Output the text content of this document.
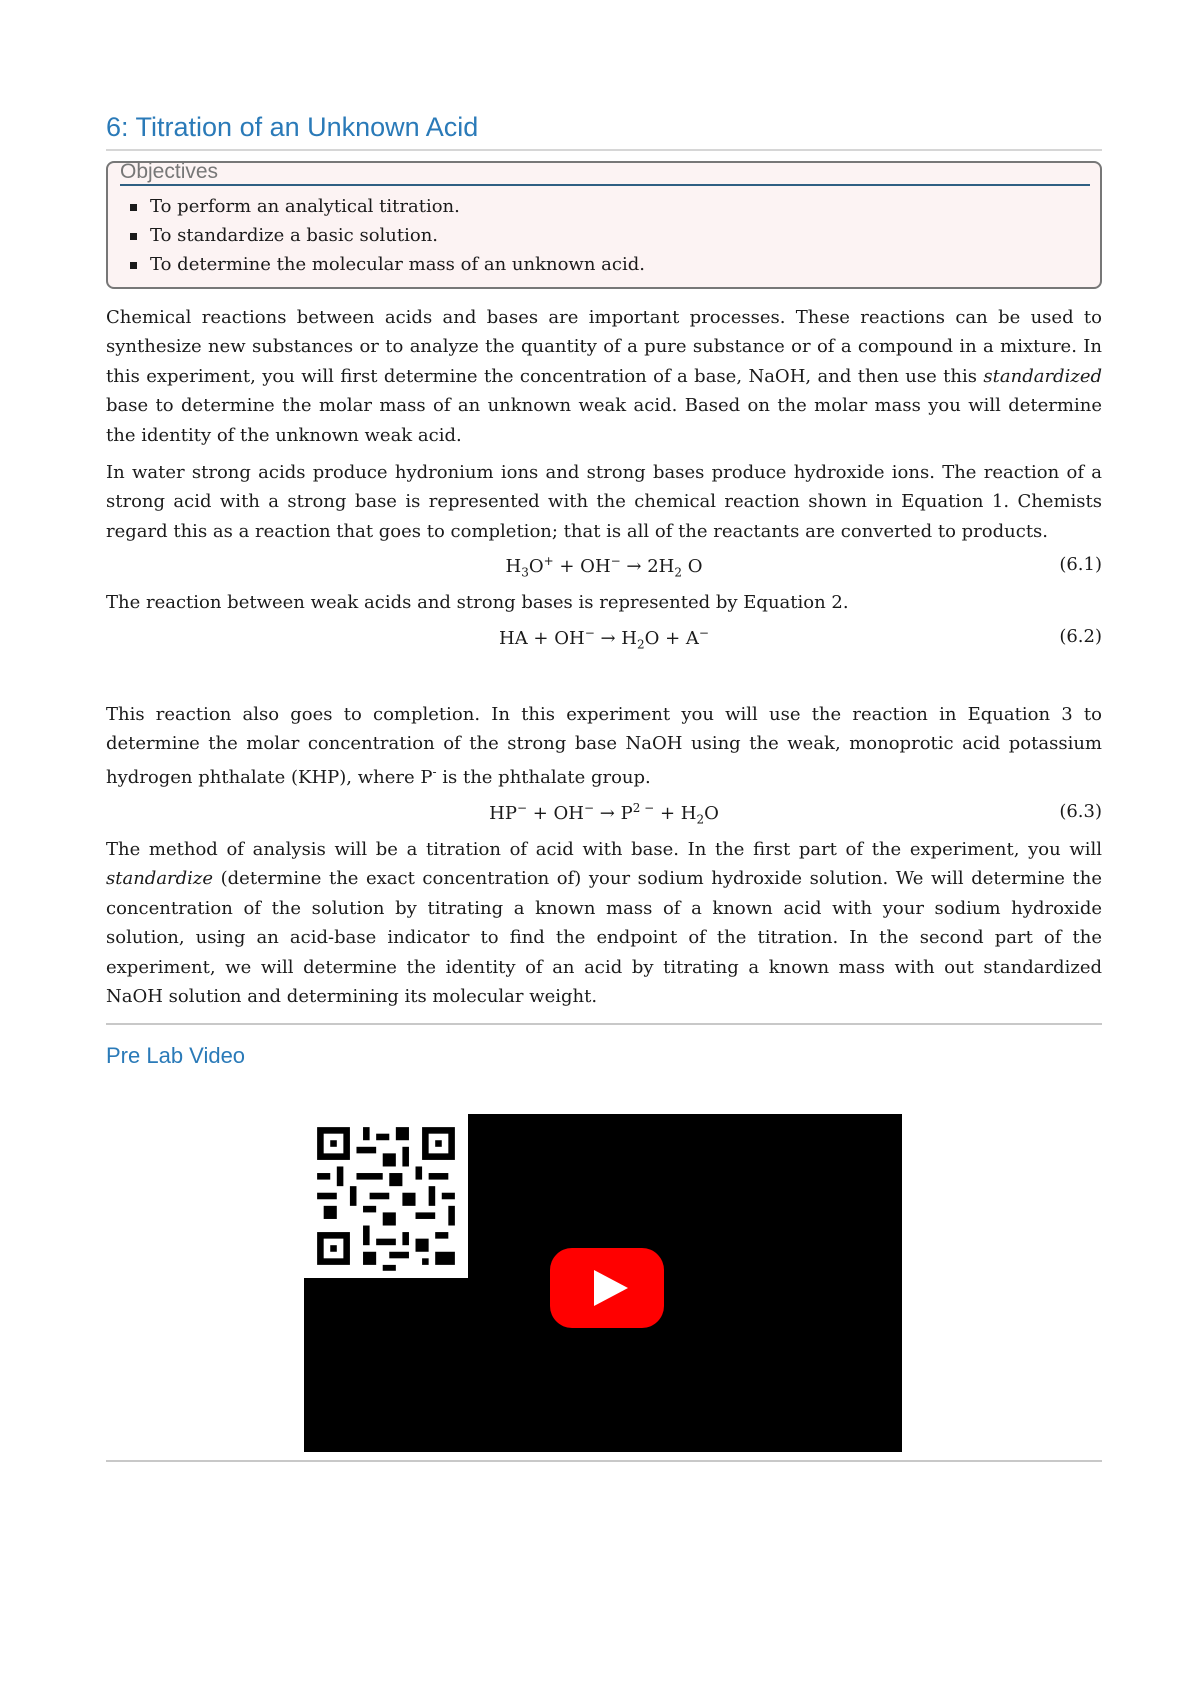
6: Titration of an Unknown Acid
Objectives
To perform an analytical titration.
To standardize a basic solution.
To determine the molecular mass of an unknown acid.

Chemical reactions between acids and bases are important processes. These reactions can be used to synthesize new substances or to analyze the quantity of a pure substance or of a compound in a mixture. In this experiment, you will first determine the concentration of a base, NaOH, and then use this standardized base to determine the molar mass of an unknown weak acid. Based on the molar mass you will determine the identity of the unknown weak acid.

In water strong acids produce hydronium ions and strong bases produce hydroxide ions. The reaction of a strong acid with a strong base is represented with the chemical reaction shown in Equation 1. Chemists regard this as a reaction that goes to completion; that is all of the reactants are converted to products.

$H_3O^+ + OH^- \to 2H_2$ O	(6.1)

The reaction between weak acids and strong bases is represented by Equation 2.

HA + $OH^- \to H_2O + A^-$	(6.2)

This reaction also goes to completion. In this experiment you will use the reaction in Equation 3 to determine the molar concentration of the strong base NaOH using the weak, monoprotic acid potassium hydrogen phthalate (KHP), where P- is the phthalate group.

$HP^- + OH^- \to P^{2 -} + H_2O$	(6.3)

The method of analysis will be a titration of acid with base. In the first part of the experiment, you will standardize (determine the exact concentration of) your sodium hydroxide solution. We will determine the concentration of the solution by titrating a known mass of a known acid with your sodium hydroxide solution, using an acid-base indicator to find the endpoint of the titration. In the second part of the experiment, we will determine the identity of an acid by titrating a known mass with out standardized NaOH solution and determining its molecular weight.

Pre Lab Video
